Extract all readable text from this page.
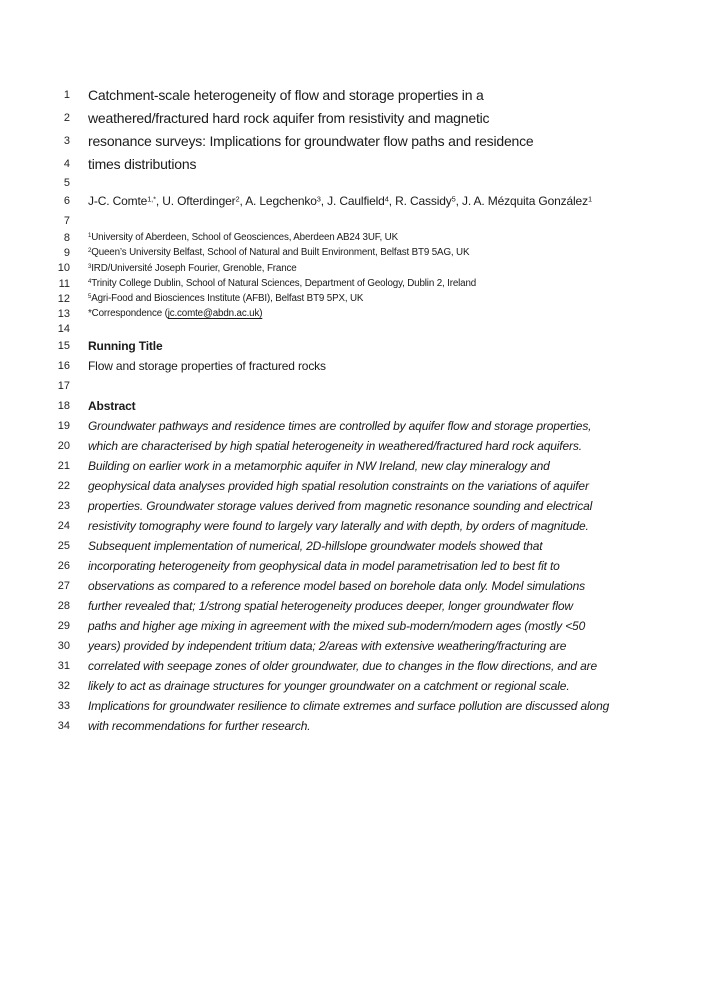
1	Catchment-scale heterogeneity of flow and storage properties in a
2	weathered/fractured hard rock aquifer from resistivity and magnetic
3	resonance surveys: Implications for groundwater flow paths and residence
4	times distributions
5
6	J-C. Comte$^{1,*}$, U. Ofterdinger$^2$, A. Legchenko$^3$, J. Caulfield$^4$, R. Cassidy$^5$, J. A. Mézquita González$^1$
7
8	$^1$University of Aberdeen, School of Geosciences, Aberdeen AB24 3UF, UK
9	$^2$Queen’s University Belfast, School of Natural and Built Environment, Belfast BT9 5AG, UK
10	$^3$IRD/Université Joseph Fourier, Grenoble, France
11	$^4$Trinity College Dublin, School of Natural Sciences, Department of Geology, Dublin 2, Ireland
12	$^5$Agri-Food and Biosciences Institute (AFBI), Belfast BT9 5PX, UK
13	*Correspondence (jc.comte@abdn.ac.uk)
14
15	Running Title
16	Flow and storage properties of fractured rocks
17
18	Abstract
19	Groundwater pathways and residence times are controlled by aquifer flow and storage properties,
20	which are characterised by high spatial heterogeneity in weathered/fractured hard rock aquifers.
21	Building on earlier work in a metamorphic aquifer in NW Ireland, new clay mineralogy and
22	geophysical data analyses provided high spatial resolution constraints on the variations of aquifer
23	properties. Groundwater storage values derived from magnetic resonance sounding and electrical
24	resistivity tomography were found to largely vary laterally and with depth, by orders of magnitude.
25	Subsequent implementation of numerical, 2D-hillslope groundwater models showed that
26	incorporating heterogeneity from geophysical data in model parametrisation led to best fit to
27	observations as compared to a reference model based on borehole data only. Model simulations
28	further revealed that; 1/strong spatial heterogeneity produces deeper, longer groundwater flow
29	paths and higher age mixing in agreement with the mixed sub-modern/modern ages (mostly <50
30	years) provided by independent tritium data; 2/areas with extensive weathering/fracturing are
31	correlated with seepage zones of older groundwater, due to changes in the flow directions, and are
32	likely to act as drainage structures for younger groundwater on a catchment or regional scale.
33	Implications for groundwater resilience to climate extremes and surface pollution are discussed along
34	with recommendations for further research.
